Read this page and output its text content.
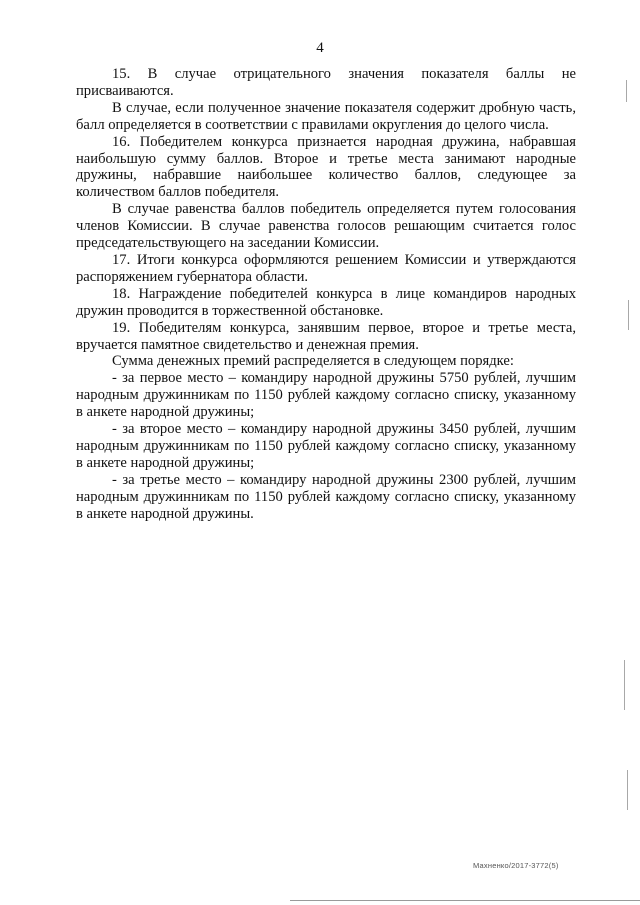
4

15. В случае отрицательного значения показателя баллы не присваиваются.

В случае, если полученное значение показателя содержит дробную часть, балл определяется в соответствии с правилами округления до целого числа.

16. Победителем конкурса признается народная дружина, набравшая наибольшую сумму баллов. Второе и третье места занимают народные дружины, набравшие наибольшее количество баллов, следующее за количеством баллов победителя.

В случае равенства баллов победитель определяется путем голосования членов Комиссии. В случае равенства голосов решающим считается голос председательствующего на заседании Комиссии.

17. Итоги конкурса оформляются решением Комиссии и утверждаются распоряжением губернатора области.

18. Награждение победителей конкурса в лице командиров народных дружин проводится в торжественной обстановке.

19. Победителям конкурса, занявшим первое, второе и третье места, вручается памятное свидетельство и денежная премия.

Сумма денежных премий распределяется в следующем порядке:

- за первое место – командиру народной дружины 5750 рублей, лучшим народным дружинникам по 1150 рублей каждому согласно списку, указанному в анкете народной дружины;

- за второе место – командиру народной дружины 3450 рублей, лучшим народным дружинникам по 1150 рублей каждому согласно списку, указанному в анкете народной дружины;

- за третье место – командиру народной дружины 2300 рублей, лучшим народным дружинникам по 1150 рублей каждому согласно списку, указанному в анкете народной дружины.

Махненко/2017-3772(5)
